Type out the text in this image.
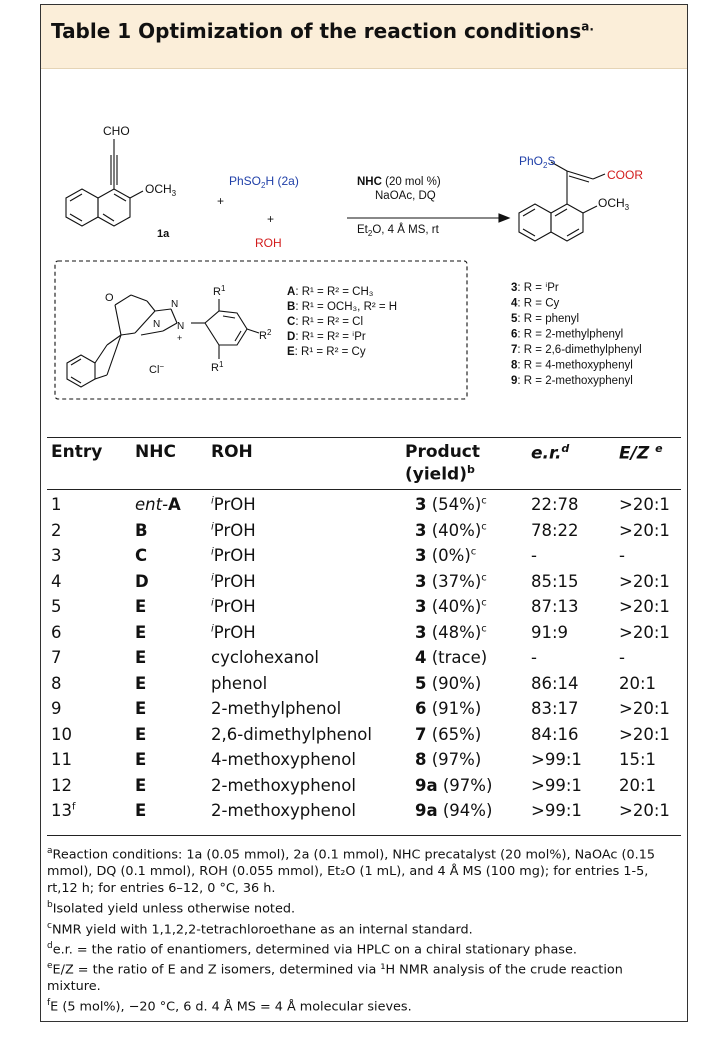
Table 1 Optimization of the reaction conditions$^{a.}$
CHO
$OCH_3$
1a
+
PhSO$_2$H (2a)
+
ROH
NHC (20 mol %)
NaOAc, DQ
$Et_2O$, 4 Å MS, rt
PhO$_2$S
COOR
$OCH_3$
O
N
N
N
+
$R^1$
$R^1$
$R^2$
Cl−
A: R¹ = R² = CH₃
B: R¹ = OCH₃, R² = H
C: R¹ = R² = Cl
D: R¹ = R² = ⁱPr
E: R¹ = R² = Cy
3: R = ⁱPr
4: R = Cy
5: R = phenyl
6: R = 2-methylphenyl
7: R = 2,6-dimethylphenyl
8: R = 4-methoxyphenyl
9: R = 2-methoxyphenyl
Entry NHC ROH	Product
(yield)$^b$
e.r.$^d$	E/Z $^e$
1	ent-A	$^i$PrOH	3 $(54\%)^c$	22:78 >20:1
2	B	$^i$PrOH	3 $(40\%)^c$	78:22 >20:1
3	C	$^i$PrOH	3 $(0\%)^c$	-	-
4	D	$^i$PrOH	3 $(37\%)^c$	85:15 >20:1
5	E	$^i$PrOH	3 $(40\%)^c$	87:13 >20:1
6	E	$^i$PrOH	3 $(48\%)^c$	91:9	>20:1
7	E	cyclohexanol	4 (trace)	-	-
8	E	phenol	5 (90%)	86:14 20:1
9	E	2-methylphenol	6 (91%)	83:17 >20:1
10	E	2,6-dimethylphenol	7 (65%)	84:16 >20:1
11	E	4-methoxyphenol	8 (97%)	>99:1 15:1
12	E	2-methoxyphenol	9a (97%) >99:1 20:1
13$^f$	E	2-methoxyphenol	9a (94%) >99:1 >20:1

$^a$Reaction conditions: 1a (0.05 mmol), 2a (0.1 mmol), NHC precatalyst (20 mol%), NaOAc (0.15 mmol), DQ (0.1 mmol), ROH (0.055 mmol), Et₂O (1 mL), and 4 Å MS (100 mg); for entries 1-5, rt,12 h; for entries 6–12, 0 °C, 36 h.

$^b$Isolated yield unless otherwise noted.

$^c$NMR yield with 1,1,2,2-tetrachloroethane as an internal standard.

$^d$e.r. = the ratio of enantiomers, determined via HPLC on a chiral stationary phase.

$^e$E/Z = the ratio of E and Z isomers, determined via ¹H NMR analysis of the crude reaction mixture.

$^f$E (5 mol%), −20 °C, 6 d. 4 Å MS = 4 Å molecular sieves.
